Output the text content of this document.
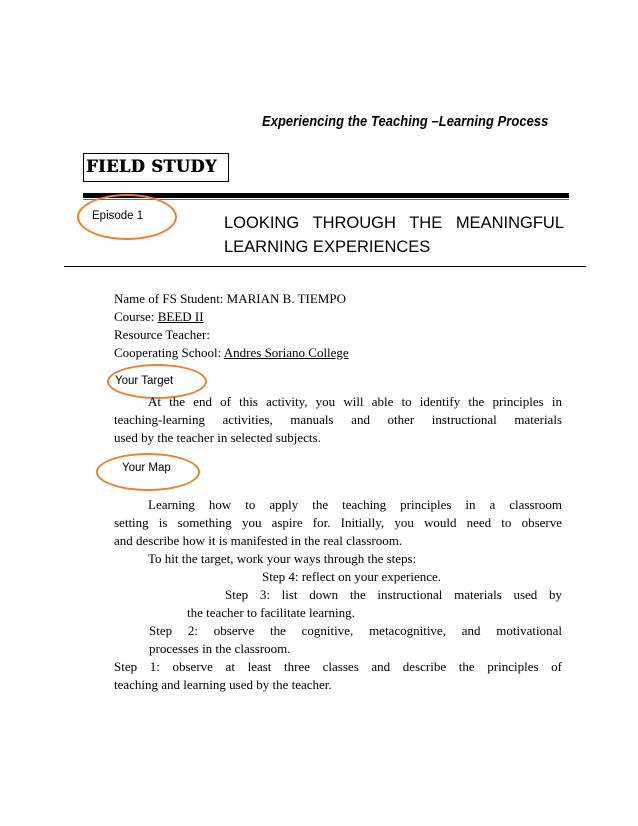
Experiencing the Teaching –Learning Process
FIELD STUDY
Episode 1	LOOKING THROUGH THE MEANINGFUL
LEARNING EXPERIENCES
Name of FS Student: MARIAN B. TIEMPO
Course: BEED II
Resource Teacher:
Cooperating School: Andres Soriano College
Your Target
At the end of this activity, you will able to identify the principles in
teaching-learning activities, manuals and other instructional materials
used by the teacher in selected subjects.
Your Map
Learning how to apply the teaching principles in a classroom
setting is something you aspire for. Initially, you would need to observe
and describe how it is manifested in the real classroom.
To hit the target, work your ways through the steps:
Step 4: reflect on your experience.
Step 3: list down the instructional materials used by
the teacher to facilitate learning.
Step 2: observe the cognitive, metacognitive, and motivational
processes in the classroom.
Step 1: observe at least three classes and describe the principles of
teaching and learning used by the teacher.
